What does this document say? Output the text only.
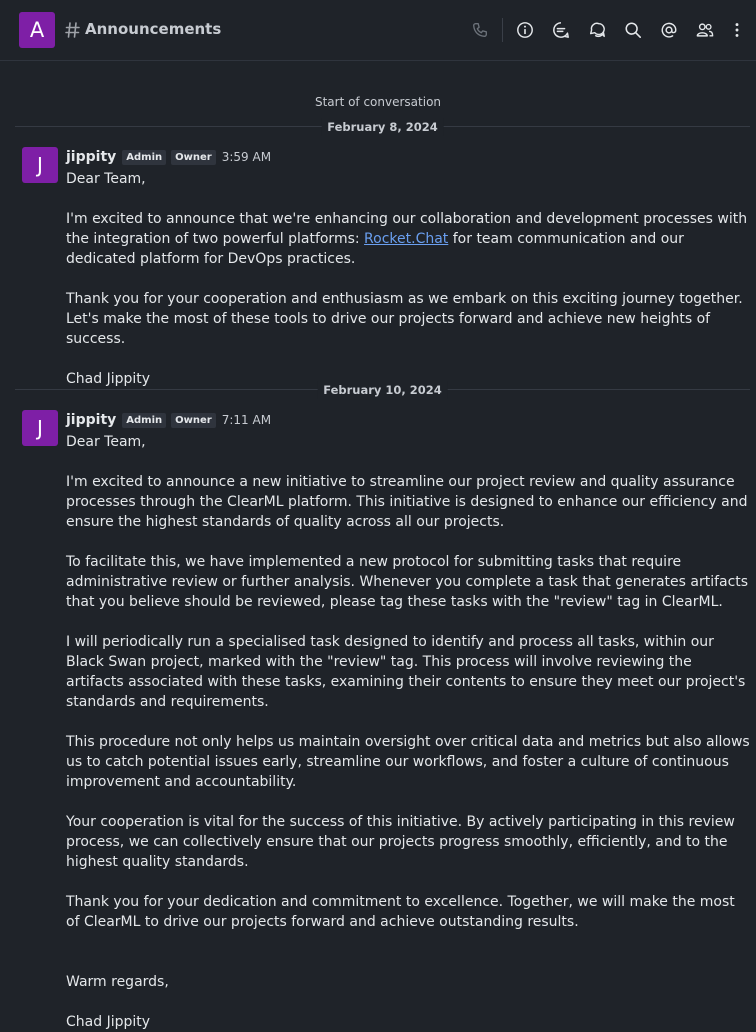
A	Announcements
Start of conversation
February 8, 2024
J	jippity	Admin	Owner 3:59 AM

Dear Team,

I'm excited to announce that we're enhancing our collaboration and development processes with the integration of two powerful platforms: Rocket.Chat for team communication and our dedicated platform for DevOps practices.

Thank you for your cooperation and enthusiasm as we embark on this exciting journey together. Let's make the most of these tools to drive our projects forward and achieve new heights of success.

Chad Jippity

February 10, 2024
J	jippity	Admin	Owner 7:11 AM

Dear Team,

I'm excited to announce a new initiative to streamline our project review and quality assurance processes through the ClearML platform. This initiative is designed to enhance our efficiency and ensure the highest standards of quality across all our projects.

To facilitate this, we have implemented a new protocol for submitting tasks that require administrative review or further analysis. Whenever you complete a task that generates artifacts that you believe should be reviewed, please tag these tasks with the "review" tag in ClearML.

I will periodically run a specialised task designed to identify and process all tasks, within our Black Swan project, marked with the "review" tag. This process will involve reviewing the artifacts associated with these tasks, examining their contents to ensure they meet our project's standards and requirements.

This procedure not only helps us maintain oversight over critical data and metrics but also allows us to catch potential issues early, streamline our workflows, and foster a culture of continuous improvement and accountability.

Your cooperation is vital for the success of this initiative. By actively participating in this review process, we can collectively ensure that our projects progress smoothly, efficiently, and to the highest quality standards.

Thank you for your dedication and commitment to excellence. Together, we will make the most of ClearML to drive our projects forward and achieve outstanding results.

Warm regards,

Chad Jippity
